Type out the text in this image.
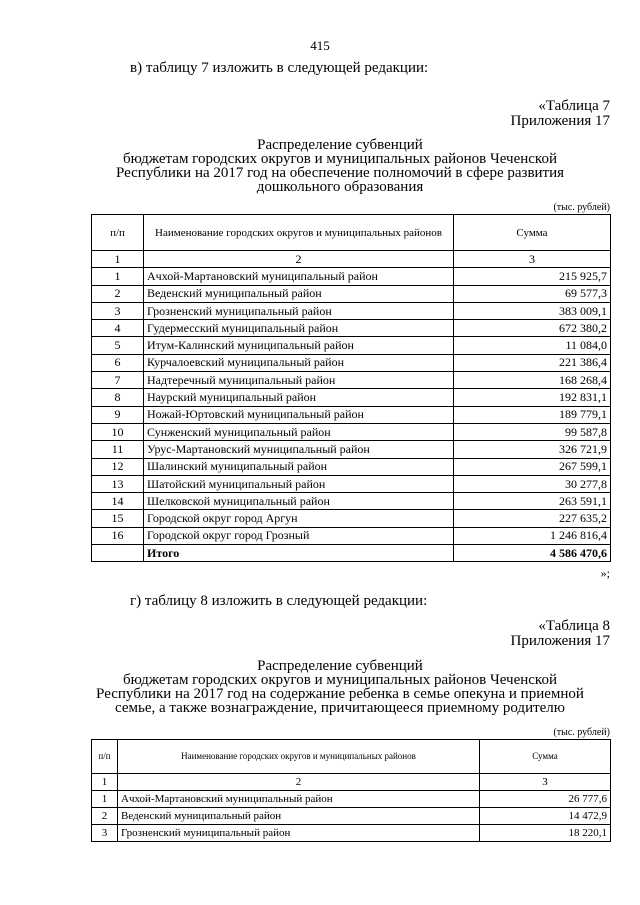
415
в) таблицу 7 изложить в следующей редакции:
«Таблица 7
Приложения 17
Распределение субвенций
бюджетам городских округов и муниципальных районов Чеченской
Республики на 2017 год на обеспечение полномочий в сфере развития
дошкольного образования
(тыс. рублей)
п/п	Наименование городских округов и муниципальных районов	Сумма
1	2	3
1	Ачхой-Мартановский муниципальный район	215 925,7
2	Веденский муниципальный район	69 577,3
3	Грозненский муниципальный район	383 009,1
4	Гудермесский муниципальный район	672 380,2
5	Итум-Калинский муниципальный район	11 084,0
6	Курчалоевский муниципальный район	221 386,4
7	Надтеречный муниципальный район	168 268,4
8	Наурский муниципальный район	192 831,1
9	Ножай-Юртовский муниципальный район	189 779,1
10	Сунженский муниципальный район	99 587,8
11	Урус-Мартановский муниципальный район	326 721,9
12	Шалинский муниципальный район	267 599,1
13	Шатойский муниципальный район	30 277,8
14	Шелковской муниципальный район	263 591,1
15	Городской округ город Аргун	227 635,2
16	Городской округ город Грозный	1 246 816,4
	Итого	4 586 470,6
»;
г) таблицу 8 изложить в следующей редакции:
«Таблица 8
Приложения 17
Распределение субвенций
бюджетам городских округов и муниципальных районов Чеченской
Республики на 2017 год на содержание ребенка в семье опекуна и приемной
семье, а также вознаграждение, причитающееся приемному родителю
(тыс. рублей)
п/п	Наименование городских округов и муниципальных районов	Сумма
1	2	3
1	Ачхой-Мартановский муниципальный район	26 777,6
2	Веденский муниципальный район	14 472,9
3	Грозненский муниципальный район	18 220,1
